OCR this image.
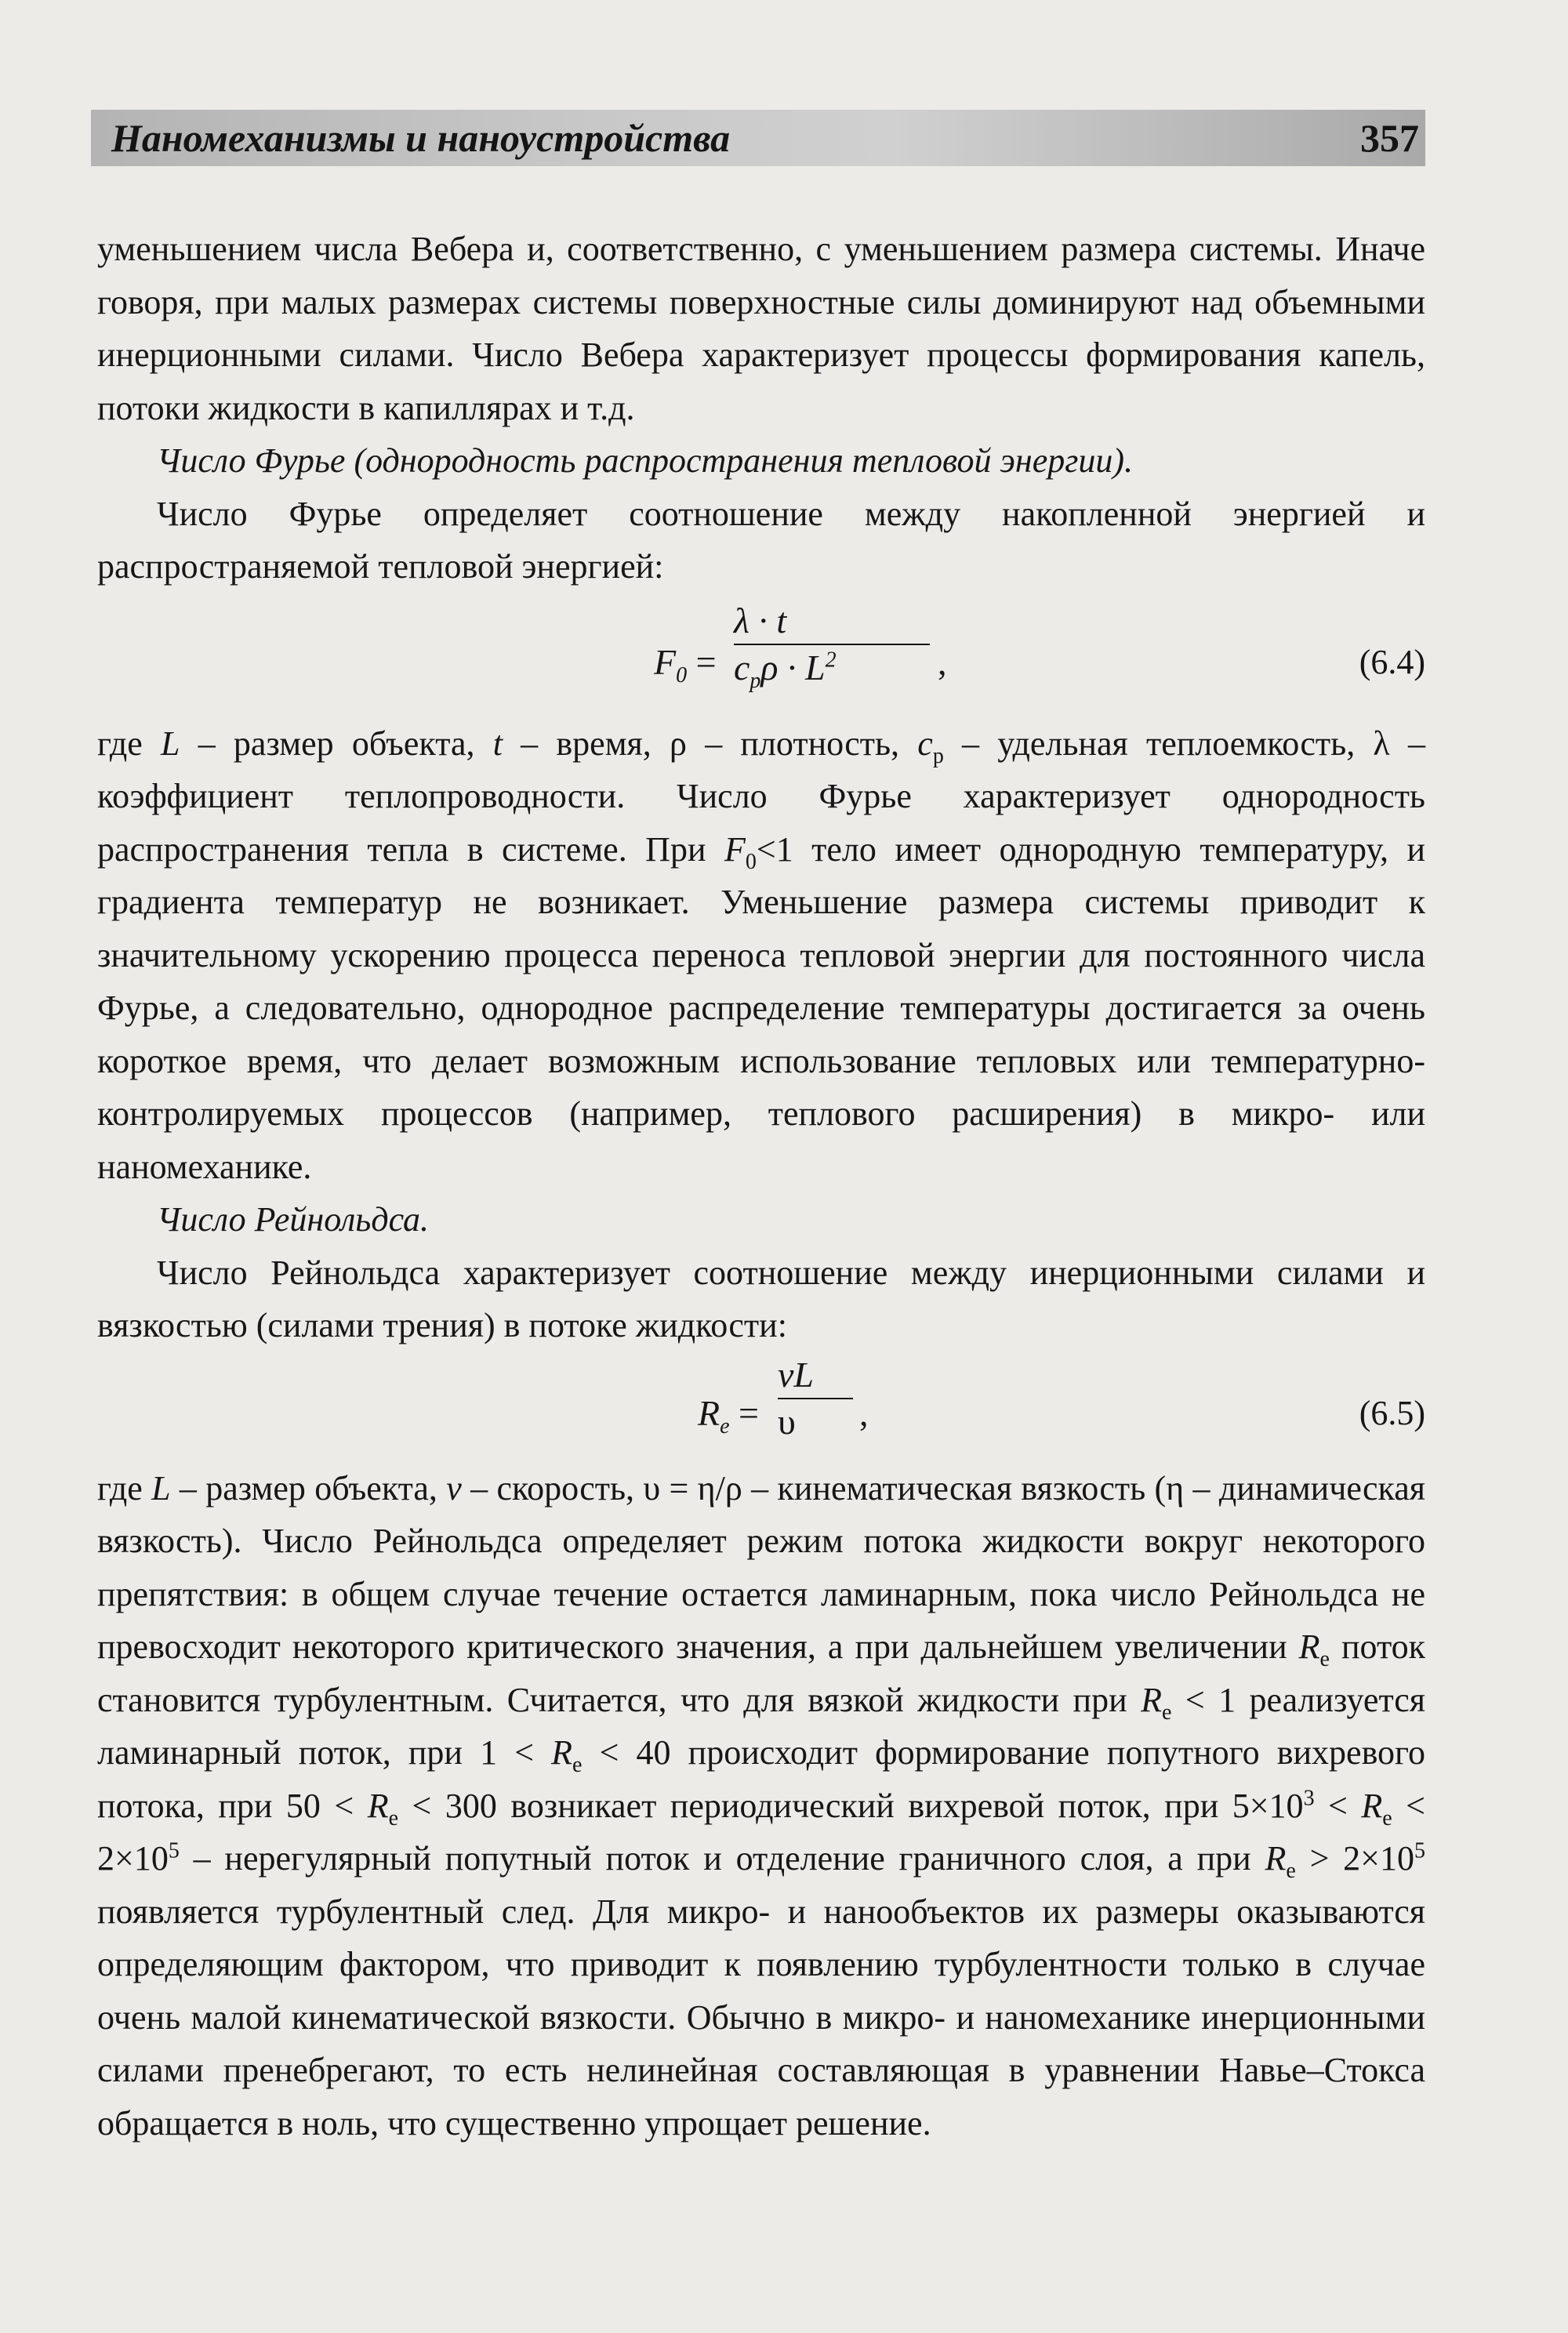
Наномеханизмы и наноустройства	357

уменьшением числа Вебера и, соответственно, с уменьшением размера системы. Иначе говоря, при малых размерах системы поверхностные силы доминируют над объемными инерционными силами. Число Вебера характеризует процессы формирования капель, потоки жидкости в капиллярах и т.д.

Число Фурье (однородность распространения тепловой энергии).

Число Фурье определяет соотношение между накопленной энергией и распространяемой тепловой энергией:

$F_0$ =
λ · t
$c_p\rho \cdot L^2$	,	(6.4)

где L – размер объекта, t – время, ρ – плотность, $c_p$ – удельная теплоемкость, λ – коэффициент теплопроводности. Число Фурье характеризует однородность распространения тепла в системе. При $F_0<1$ тело имеет однородную температуру, и градиента температур не возникает. Уменьшение размера системы приводит к значительному ускорению процесса переноса тепловой энергии для постоянного числа Фурье, а следовательно, однородное распределение температуры достигается за очень короткое время, что делает возможным использование тепловых или температурно-контролируемых процессов (например, теплового расширения) в микро- или наномеханике.

Число Рейнольдса.

Число Рейнольдса характеризует соотношение между инерционными силами и вязкостью (силами трения) в потоке жидкости:

$R_e$ =
vL
υ	,	(6.5)

где L – размер объекта, v – скорость, υ = η/ρ – кинематическая вязкость (η – динамическая вязкость). Число Рейнольдса определяет режим потока жидкости вокруг некоторого препятствия: в общем случае течение остается ламинарным, пока число Рейнольдса не превосходит некоторого критического значения, а при дальнейшем увеличении $R_e$ поток становится турбулентным. Считается, что для вязкой жидкости при $R_e < 1$ реализуется ламинарный поток, при $1 < R_e < 40$ происходит формирование попутного вихревого потока, при $50 < R_e < 300$ возникает периодический вихревой поток, при $5\times 10^3 < R_e < 2\times 10^5$ – нерегулярный попутный поток и отделение граничного слоя, а при $R_e > 2\times 10^5$ появляется турбулентный след. Для микро- и нанообъектов их размеры оказываются определяющим фактором, что приводит к появлению турбулентности только в случае очень малой кинематической вязкости. Обычно в микро- и наномеханике инерционными силами пренебрегают, то есть нелинейная составляющая в уравнении Навье–Стокса обращается в ноль, что существенно упрощает решение.
